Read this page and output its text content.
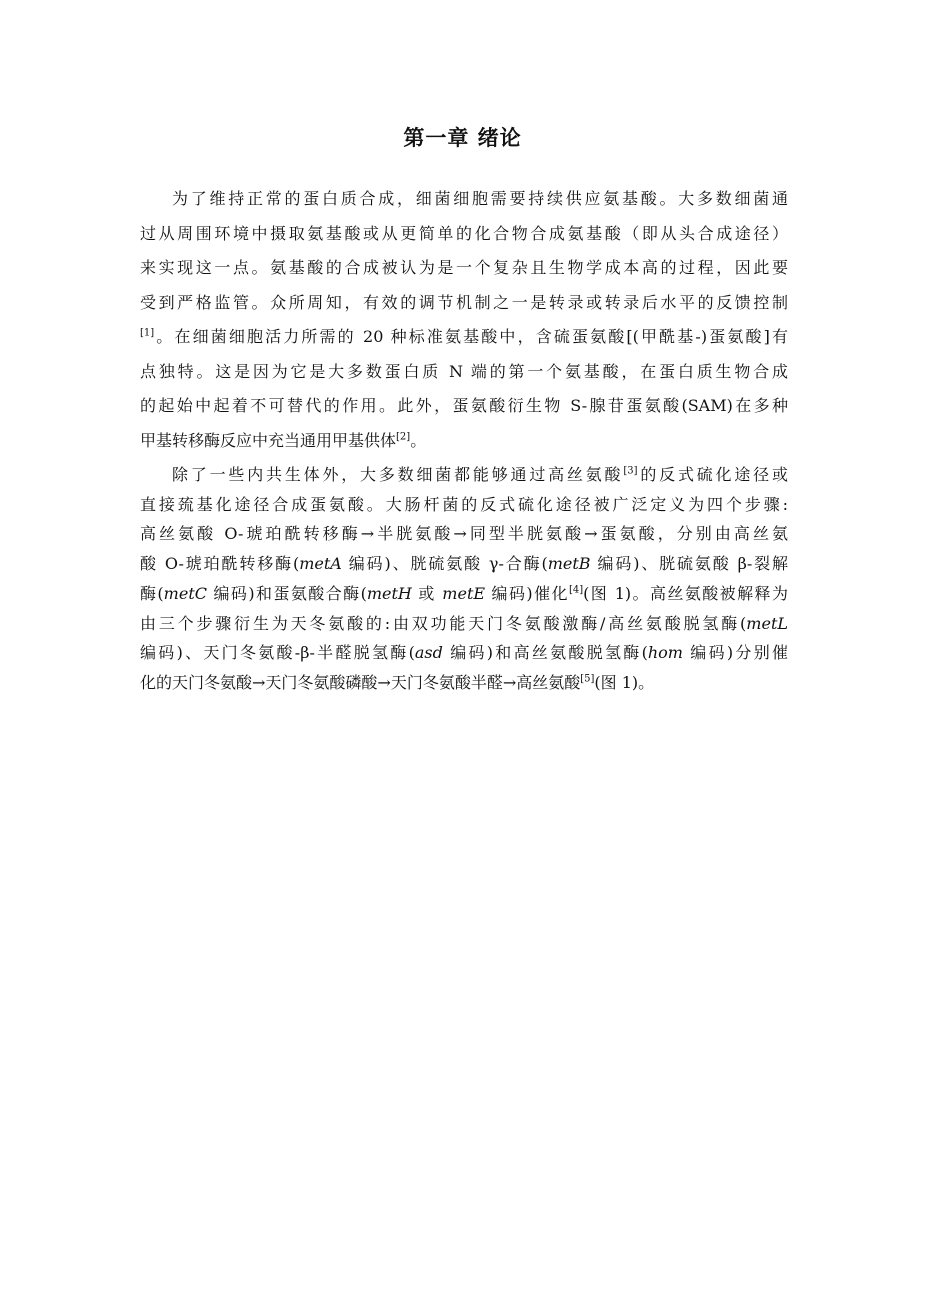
第一章 绪论

为了维持正常的蛋白质合成，细菌细胞需要持续供应氨基酸。大多数细菌通
过从周围环境中摄取氨基酸或从更简单的化合物合成氨基酸（即从头合成途径）
来实现这一点。氨基酸的合成被认为是一个复杂且生物学成本高的过程，因此要
受到严格监管。众所周知，有效的调节机制之一是转录或转录后水平的反馈控制
[1]。在细菌细胞活力所需的 20 种标准氨基酸中，含硫蛋氨酸[(甲酰基-)蛋氨酸]有
点独特。这是因为它是大多数蛋白质 N 端的第一个氨基酸，在蛋白质生物合成
的起始中起着不可替代的作用。此外，蛋氨酸衍生物 S-腺苷蛋氨酸(SAM)在多种
甲基转移酶反应中充当通用甲基供体[2]。

除了一些内共生体外，大多数细菌都能够通过高丝氨酸[3]的反式硫化途径或
直接巯基化途径合成蛋氨酸。大肠杆菌的反式硫化途径被广泛定义为四个步骤:
高丝氨酸 O-琥珀酰转移酶→半胱氨酸→同型半胱氨酸→蛋氨酸，分别由高丝氨
酸 O-琥珀酰转移酶(metA 编码)、胱硫氨酸 γ-合酶(metB 编码)、胱硫氨酸 β-裂解
酶(metC 编码)和蛋氨酸合酶(metH 或 metE 编码)催化[4](图 1)。高丝氨酸被解释为
由三个步骤衍生为天冬氨酸的:由双功能天门冬氨酸激酶/高丝氨酸脱氢酶(metL
编码)、天门冬氨酸-β-半醛脱氢酶(asd 编码)和高丝氨酸脱氢酶(hom 编码)分别催
化的天门冬氨酸→天门冬氨酸磷酸→天门冬氨酸半醛→高丝氨酸[5](图 1)。
